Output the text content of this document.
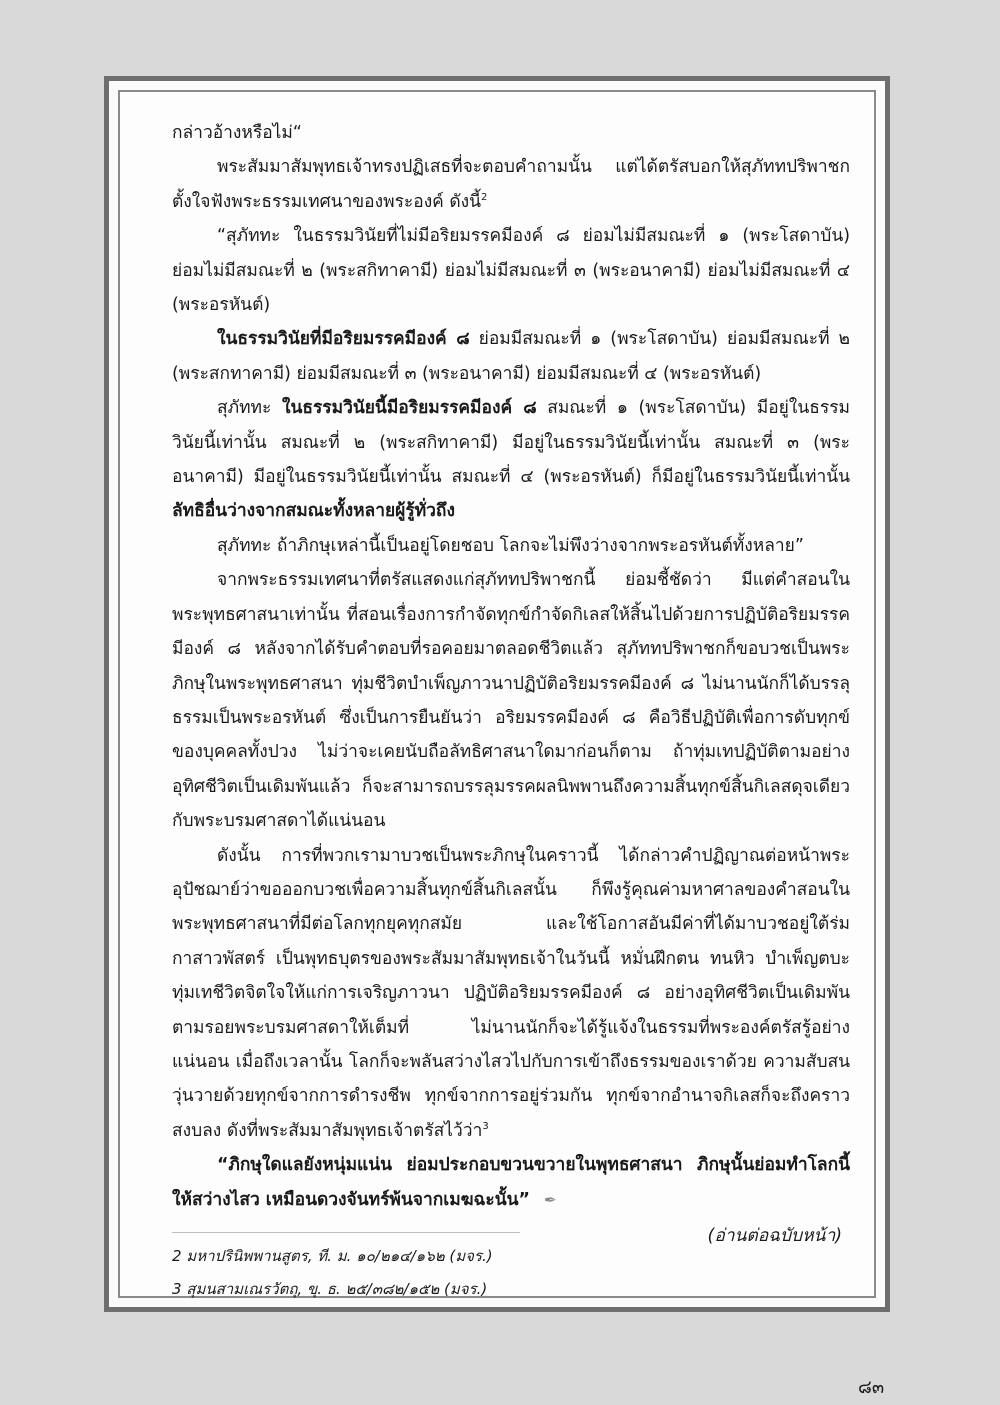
กล่าวอ้างหรือไม่“

พระสัมมาสัมพุทธเจ้าทรงปฏิเสธที่จะตอบคำถามนั้น แต่ได้ตรัสบอกให้สุภัททปริพาชกตั้งใจฟังพระธรรมเทศนาของพระองค์ ดังนี้$^2$

“สุภัททะ ในธรรมวินัยที่ไม่มีอริยมรรคมีองค์ ๘ ย่อมไม่มีสมณะที่ ๑ (พระโสดาบัน) ย่อมไม่มีสมณะที่ ๒ (พระสกิทาคามี) ย่อมไม่มีสมณะที่ ๓ (พระอนาคามี) ย่อมไม่มีสมณะที่ ๔ (พระอรหันต์)

ในธรรมวินัยที่มีอริยมรรคมีองค์ ๘ ย่อมมีสมณะที่ ๑ (พระโสดาบัน) ย่อมมีสมณะที่ ๒ (พระสกทาคามี) ย่อมมีสมณะที่ ๓ (พระอนาคามี) ย่อมมีสมณะที่ ๔ (พระอรหันต์)

สุภัททะ ในธรรมวินัยนี้มีอริยมรรคมีองค์ ๘ สมณะที่ ๑ (พระโสดาบัน) มีอยู่ในธรรมวินัยนี้เท่านั้น สมณะที่ ๒ (พระสกิทาคามี) มีอยู่ในธรรมวินัยนี้เท่านั้น สมณะที่ ๓ (พระอนาคามี) มีอยู่ในธรรมวินัยนี้เท่านั้น สมณะที่ ๔ (พระอรหันต์) ก็มีอยู่ในธรรมวินัยนี้เท่านั้น ลัทธิอื่นว่างจากสมณะทั้งหลายผู้รู้ทั่วถึง

สุภัททะ ถ้าภิกษุเหล่านี้เป็นอยู่โดยชอบ โลกจะไม่พึงว่างจากพระอรหันต์ทั้งหลาย”

จากพระธรรมเทศนาที่ตรัสแสดงแก่สุภัททปริพาชกนี้ ย่อมชี้ชัดว่า มีแต่คำสอนในพระพุทธศาสนาเท่านั้น ที่สอนเรื่องการกำจัดทุกข์กำจัดกิเลสให้สิ้นไปด้วยการปฏิบัติอริยมรรคมีองค์ ๘ หลังจากได้รับคำตอบที่รอคอยมาตลอดชีวิตแล้ว สุภัททปริพาชกก็ขอบวชเป็นพระภิกษุในพระพุทธศาสนา ทุ่มชีวิตบำเพ็ญภาวนาปฏิบัติอริยมรรคมีองค์ ๘ ไม่นานนักก็ได้บรรลุธรรมเป็นพระอรหันต์ ซึ่งเป็นการยืนยันว่า อริยมรรคมีองค์ ๘ คือวิธีปฏิบัติเพื่อการดับทุกข์ของบุคคลทั้งปวง ไม่ว่าจะเคยนับถือลัทธิศาสนาใดมาก่อนก็ตาม ถ้าทุ่มเทปฏิบัติตามอย่างอุทิศชีวิตเป็นเดิมพันแล้ว ก็จะสามารถบรรลุมรรคผลนิพพานถึงความสิ้นทุกข์สิ้นกิเลสดุจเดียวกับพระบรมศาสดาได้แน่นอน

ดังนั้น การที่พวกเรามาบวชเป็นพระภิกษุในคราวนี้ ได้กล่าวคำปฏิญาณต่อหน้าพระอุปัชฌาย์ว่าขอออกบวชเพื่อความสิ้นทุกข์สิ้นกิเลสนั้น ก็พึงรู้คุณค่ามหาศาลของคำสอนในพระพุทธศาสนาที่มีต่อโลกทุกยุคทุกสมัย และใช้โอกาสอันมีค่าที่ได้มาบวชอยู่ใต้ร่มกาสาวพัสตร์ เป็นพุทธบุตรของพระสัมมาสัมพุทธเจ้าในวันนี้ หมั่นฝึกตน ทนหิว บำเพ็ญตบะ ทุ่มเทชีวิตจิตใจให้แก่การเจริญภาวนา ปฏิบัติอริยมรรคมีองค์ ๘ อย่างอุทิศชีวิตเป็นเดิมพัน ตามรอยพระบรมศาสดาให้เต็มที่ ไม่นานนักก็จะได้รู้แจ้งในธรรมที่พระองค์ตรัสรู้อย่างแน่นอน เมื่อถึงเวลานั้น โลกก็จะพลันสว่างไสวไปกับการเข้าถึงธรรมของเราด้วย ความสับสนวุ่นวายด้วยทุกข์จากการดำรงชีพ ทุกข์จากการอยู่ร่วมกัน ทุกข์จากอำนาจกิเลสก็จะถึงคราวสงบลง ดังที่พระสัมมาสัมพุทธเจ้าตรัสไว้ว่า$^3$

“ภิกษุใดแลยังหนุ่มแน่น ย่อมประกอบขวนขวายในพุทธศาสนา ภิกษุนั้นย่อมทำโลกนี้ให้สว่างไสว เหมือนดวงจันทร์พ้นจากเมฆฉะนั้น” ✒

(อ่านต่อฉบับหน้า)

2 มหาปรินิพพานสูตร, ที. ม. ๑๐/๒๑๔/๑๖๒ (มจร.)

3 สุมนสามเณรวัตถุ, ขุ. ธ. ๒๕/๓๘๒/๑๕๒ (มจร.)

๘๓
